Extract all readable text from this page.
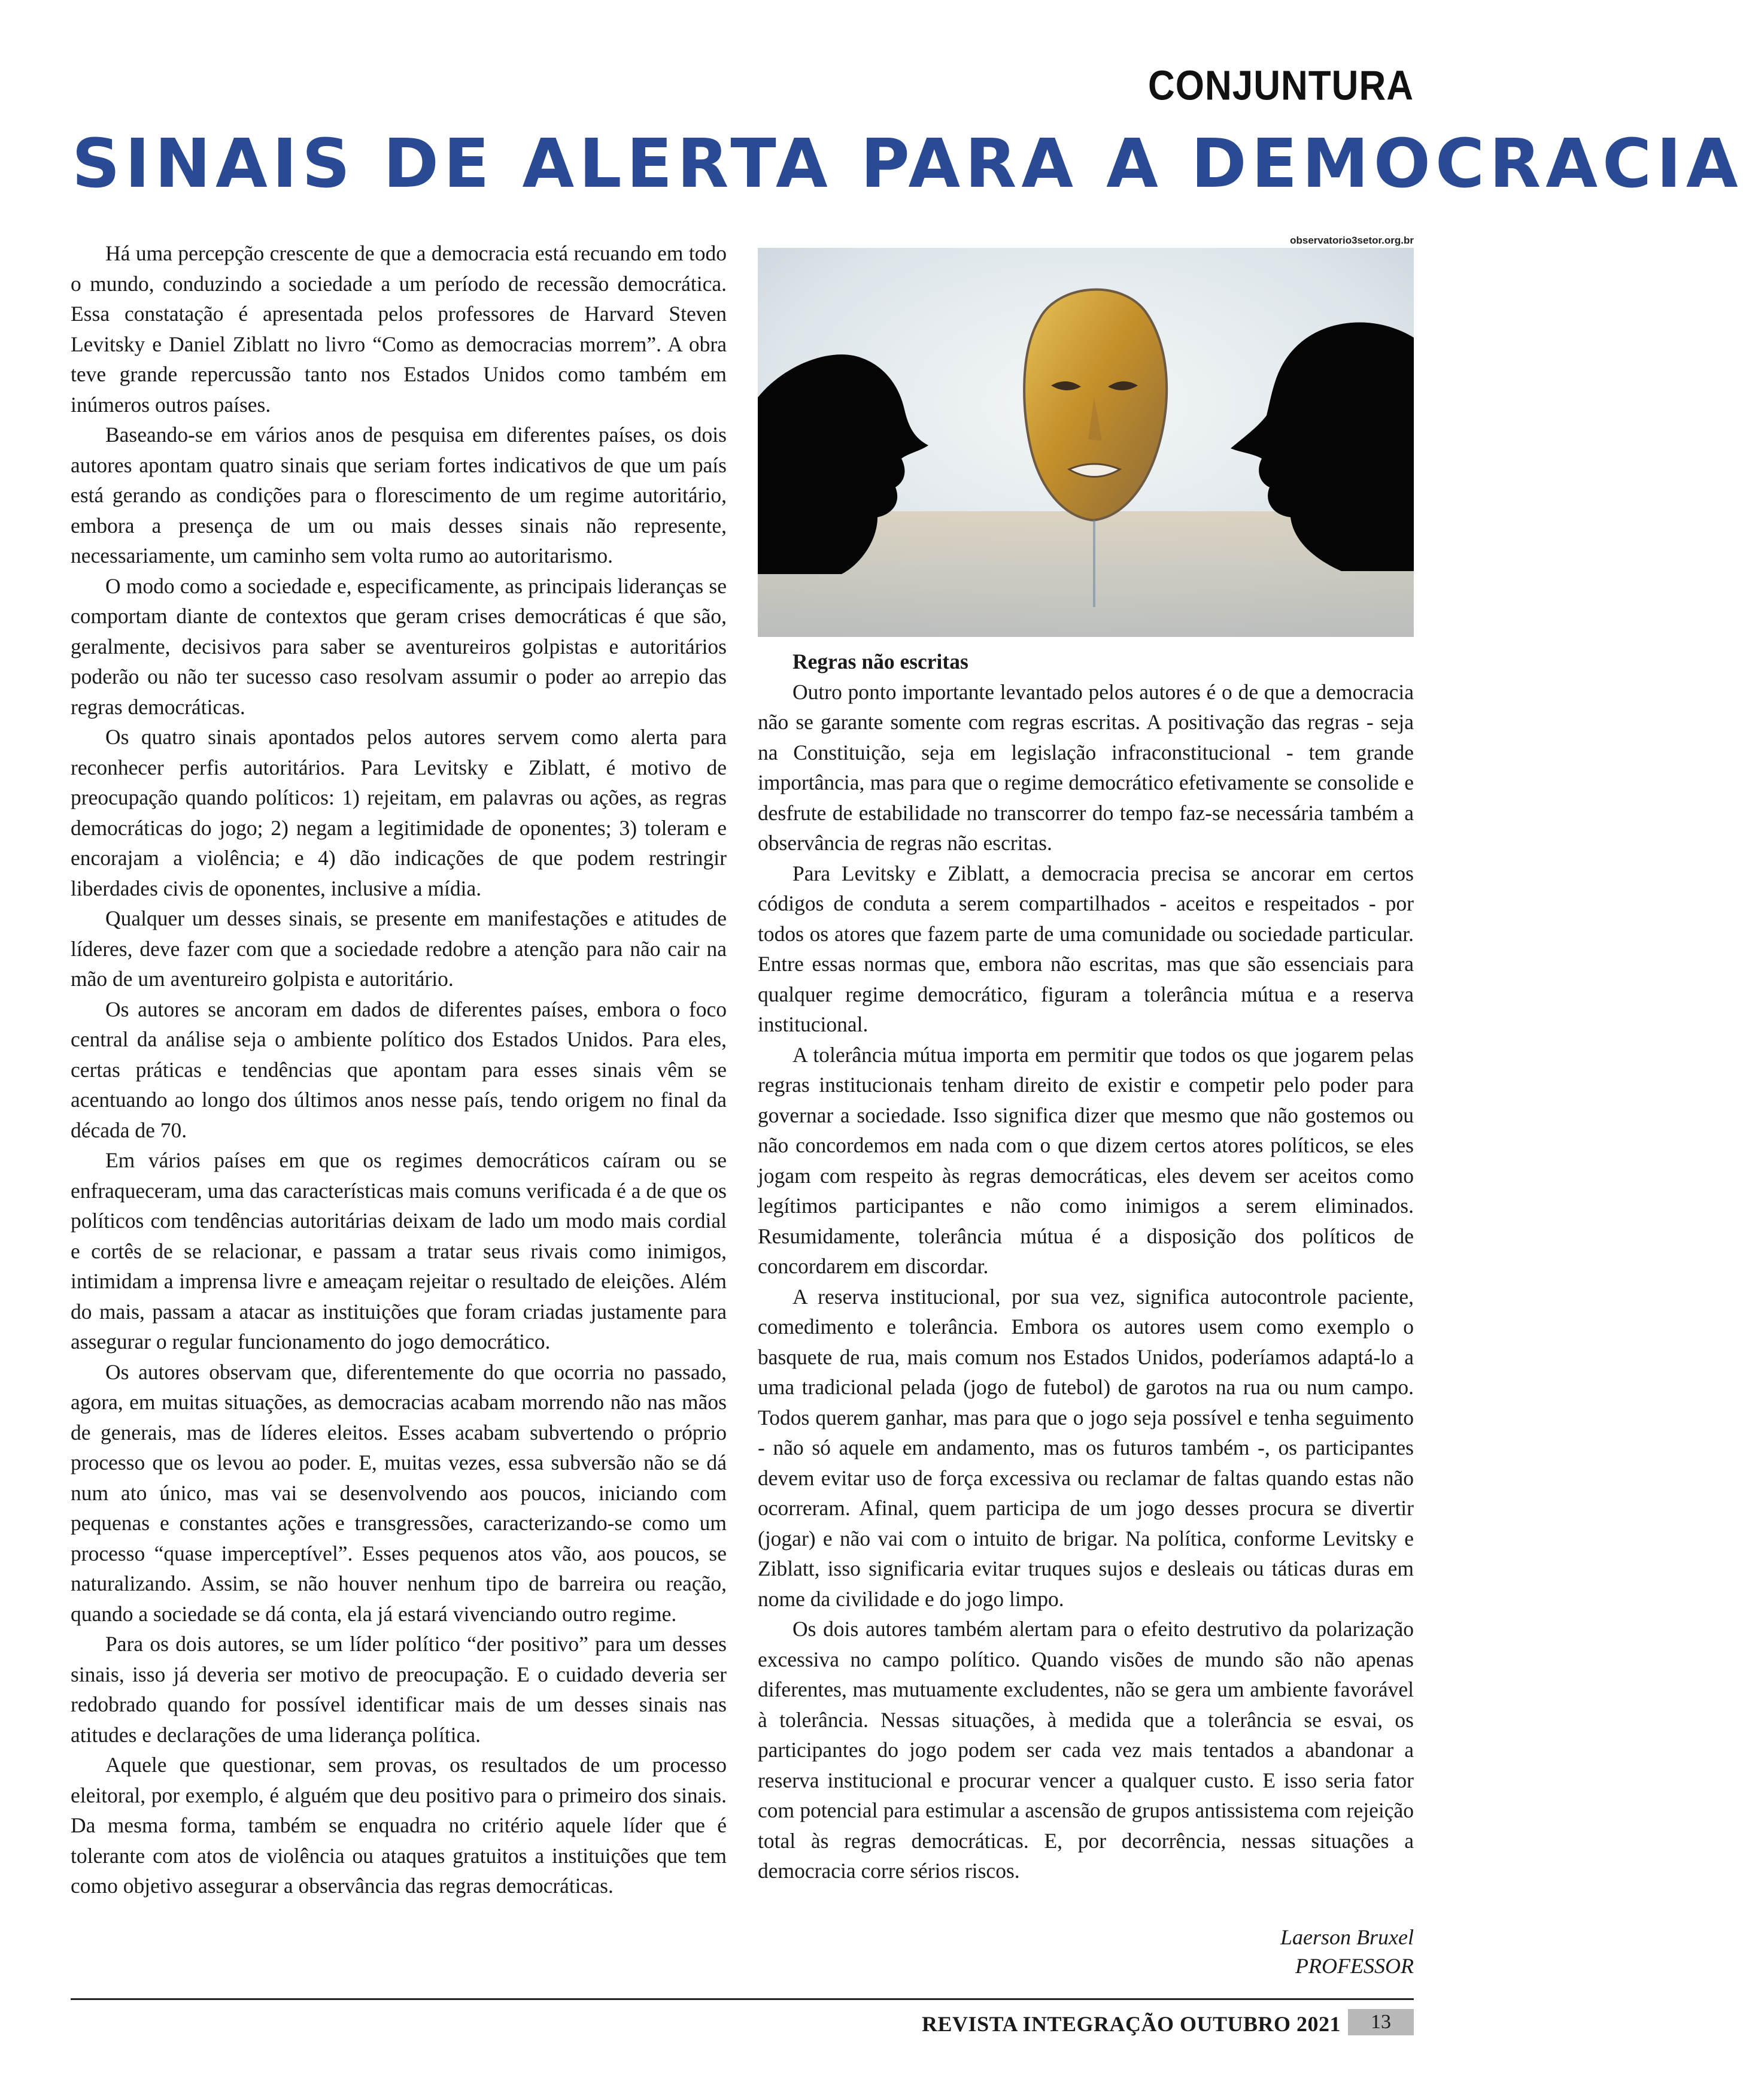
CONJUNTURA
SINAIS DE ALERTA PARA A DEMOCRACIA
observatorio3setor.org.br

Há uma percepção crescente de que a democracia está recuando em todo o mundo, conduzindo a sociedade a um período de recessão democrática. Essa constatação é apresentada pelos professores de Harvard Steven Levitsky e Daniel Ziblatt no livro “Como as democracias morrem”. A obra teve grande repercussão tanto nos Estados Unidos como também em inúmeros outros países.

Baseando-se em vários anos de pesquisa em diferentes países, os dois autores apontam quatro sinais que seriam fortes indicativos de que um país está gerando as condições para o florescimento de um regime autoritário, embora a presença de um ou mais desses sinais não represente, necessariamente, um caminho sem volta rumo ao autoritarismo.

O modo como a sociedade e, especificamente, as principais lideranças se comportam diante de contextos que geram crises democráticas é que são, geralmente, decisivos para saber se aventureiros golpistas e autoritários poderão ou não ter sucesso caso resolvam assumir o poder ao arrepio das regras democráticas.

Os quatro sinais apontados pelos autores servem como alerta para reconhecer perfis autoritários. Para Levitsky e Ziblatt, é motivo de preocupação quando políticos: 1) rejeitam, em palavras ou ações, as regras democráticas do jogo; 2) negam a legitimidade de oponentes; 3) toleram e encorajam a violência; e 4) dão indicações de que podem restringir liberdades civis de oponentes, inclusive a mídia.

Qualquer um desses sinais, se presente em manifestações e atitudes de líderes, deve fazer com que a sociedade redobre a atenção para não cair na mão de um aventureiro golpista e autoritário.

Os autores se ancoram em dados de diferentes países, embora o foco central da análise seja o ambiente político dos Estados Unidos. Para eles, certas práticas e tendências que apontam para esses sinais vêm se acentuando ao longo dos últimos anos nesse país, tendo origem no final da década de 70.

Em vários países em que os regimes democráticos caíram ou se enfraqueceram, uma das características mais comuns verificada é a de que os políticos com tendências autoritárias deixam de lado um modo mais cordial e cortês de se relacionar, e passam a tratar seus rivais como inimigos, intimidam a imprensa livre e ameaçam rejeitar o resultado de eleições. Além do mais, passam a atacar as instituições que foram criadas justamente para assegurar o regular funcionamento do jogo democrático.

Os autores observam que, diferentemente do que ocorria no passado, agora, em muitas situações, as democracias acabam morrendo não nas mãos de generais, mas de líderes eleitos. Esses acabam subvertendo o próprio processo que os levou ao poder. E, muitas vezes, essa subversão não se dá num ato único, mas vai se desenvolvendo aos poucos, iniciando com pequenas e constantes ações e transgressões, caracterizando-se como um processo “quase imperceptível”. Esses pequenos atos vão, aos poucos, se naturalizando. Assim, se não houver nenhum tipo de barreira ou reação, quando a sociedade se dá conta, ela já estará vivenciando outro regime.

Para os dois autores, se um líder político “der positivo” para um desses sinais, isso já deveria ser motivo de preocupação. E o cuidado deveria ser redobrado quando for possível identificar mais de um desses sinais nas atitudes e declarações de uma liderança política.

Aquele que questionar, sem provas, os resultados de um processo eleitoral, por exemplo, é alguém que deu positivo para o primeiro dos sinais. Da mesma forma, também se enquadra no critério aquele líder que é tolerante com atos de violência ou ataques gratuitos a instituições que tem como objetivo assegurar a observância das regras democráticas.

Regras não escritas

Outro ponto importante levantado pelos autores é o de que a democracia não se garante somente com regras escritas. A positivação das regras - seja na Constituição, seja em legislação infraconstitucional - tem grande importância, mas para que o regime democrático efetivamente se consolide e desfrute de estabilidade no transcorrer do tempo faz-se necessária também a observância de regras não escritas.

Para Levitsky e Ziblatt, a democracia precisa se ancorar em certos códigos de conduta a serem compartilhados - aceitos e respeitados - por todos os atores que fazem parte de uma comunidade ou sociedade particular. Entre essas normas que, embora não escritas, mas que são essenciais para qualquer regime democrático, figuram a tolerância mútua e a reserva institucional.

A tolerância mútua importa em permitir que todos os que jogarem pelas regras institucionais tenham direito de existir e competir pelo poder para governar a sociedade. Isso significa dizer que mesmo que não gostemos ou não concordemos em nada com o que dizem certos atores políticos, se eles jogam com respeito às regras democráticas, eles devem ser aceitos como legítimos participantes e não como inimigos a serem eliminados. Resumidamente, tolerância mútua é a disposição dos políticos de concordarem em discordar.

A reserva institucional, por sua vez, significa autocontrole paciente, comedimento e tolerância. Embora os autores usem como exemplo o basquete de rua, mais comum nos Estados Unidos, poderíamos adaptá-lo a uma tradicional pelada (jogo de futebol) de garotos na rua ou num campo. Todos querem ganhar, mas para que o jogo seja possível e tenha seguimento - não só aquele em andamento, mas os futuros também -, os participantes devem evitar uso de força excessiva ou reclamar de faltas quando estas não ocorreram. Afinal, quem participa de um jogo desses procura se divertir (jogar) e não vai com o intuito de brigar. Na política, conforme Levitsky e Ziblatt, isso significaria evitar truques sujos e desleais ou táticas duras em nome da civilidade e do jogo limpo.

Os dois autores também alertam para o efeito destrutivo da polarização excessiva no campo político. Quando visões de mundo são não apenas diferentes, mas mutuamente excludentes, não se gera um ambiente favorável à tolerância. Nessas situações, à medida que a tolerância se esvai, os participantes do jogo podem ser cada vez mais tentados a abandonar a reserva institucional e procurar vencer a qualquer custo. E isso seria fator com potencial para estimular a ascensão de grupos antissistema com rejeição total às regras democráticas. E, por decorrência, nessas situações a democracia corre sérios riscos.

Laerson Bruxel
PROFESSOR
REVISTA INTEGRAÇÃO OUTUBRO 2021	13
